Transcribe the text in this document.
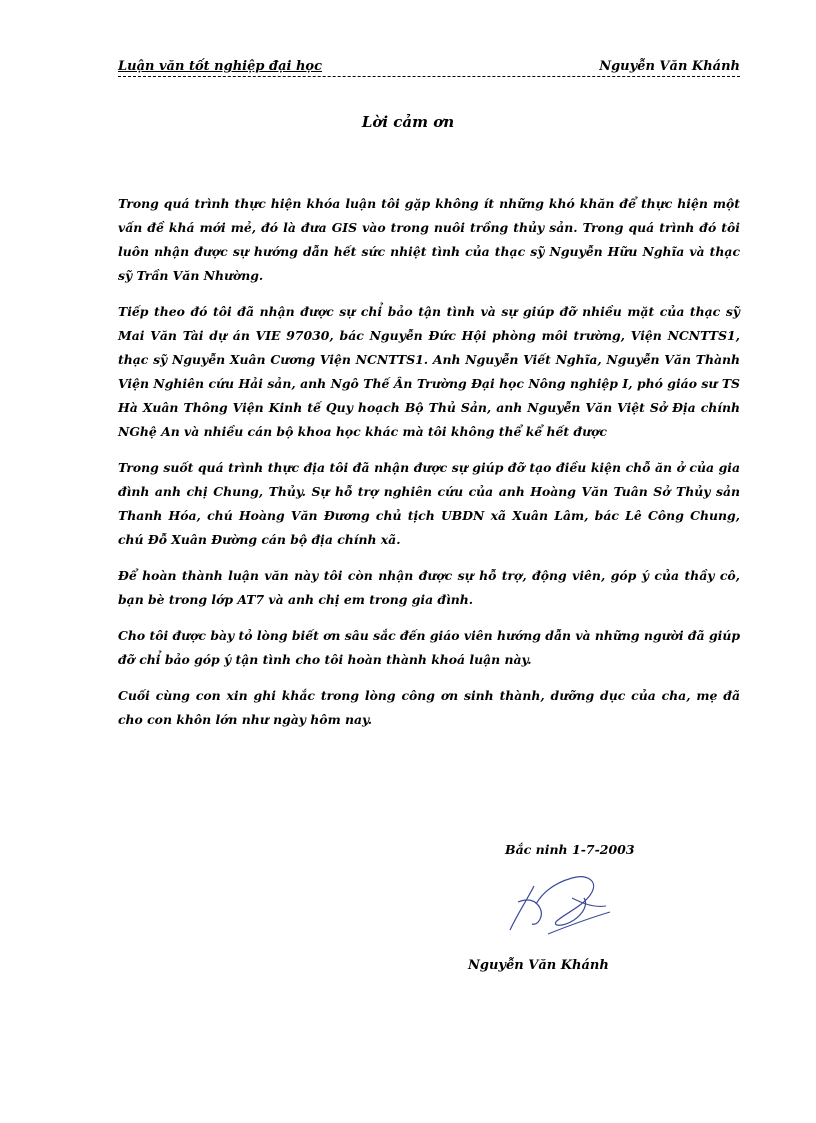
Luận văn tốt nghiệp đại học	Nguyễn Văn Khánh
Lời cảm ơn

Trong quá trình thực hiện khóa luận tôi gặp không ít những khó khăn để thực hiện một vấn đề khá mới mẻ, đó là đưa GIS vào trong nuôi trồng thủy sản. Trong quá trình đó tôi luôn nhận được sự hướng dẫn hết sức nhiệt tình của thạc sỹ Nguyễn Hữu Nghĩa và thạc sỹ Trần Văn Nhường.

Tiếp theo đó tôi đã nhận được sự chỉ bảo tận tình và sự giúp đỡ nhiều mặt của thạc sỹ Mai Văn Tài dự án VIE 97030, bác Nguyễn Đức Hội phòng môi trường, Viện NCNTTS1, thạc sỹ Nguyễn Xuân Cương Viện NCNTTS1. Anh Nguyễn Viết Nghĩa, Nguyễn Văn Thành Viện Nghiên cứu Hải sản, anh Ngô Thế Ân Trường Đại học Nông nghiệp I, phó giáo sư TS Hà Xuân Thông Viện Kinh tế Quy hoạch Bộ Thủ Sản, anh Nguyễn Văn Việt Sở Địa chính NGhệ An và nhiều cán bộ khoa học khác mà tôi không thể kể hết được

Trong suốt quá trình thực địa tôi đã nhận được sự giúp đỡ tạo điều kiện chỗ ăn ở của gia đình anh chị Chung, Thủy. Sự hỗ trợ nghiên cứu của anh Hoàng Văn Tuân Sở Thủy sản Thanh Hóa, chú Hoàng Văn Đương chủ tịch UBDN xã Xuân Lâm, bác Lê Công Chung, chú Đỗ Xuân Đường cán bộ địa chính xã.

Để hoàn thành luận văn này tôi còn nhận được sự hỗ trợ, động viên, góp ý của thầy cô, bạn bè trong lớp AT7 và anh chị em trong gia đình.

Cho tôi được bày tỏ lòng biết ơn sâu sắc đến giáo viên hướng dẫn và những người đã giúp đỡ chỉ bảo góp ý tận tình cho tôi hoàn thành khoá luận này.

Cuối cùng con xin ghi khắc trong lòng công ơn sinh thành, dưỡng dục của cha, mẹ đã cho con khôn lớn như ngày hôm nay.

Bắc ninh 1-7-2003
Nguyễn Văn Khánh
